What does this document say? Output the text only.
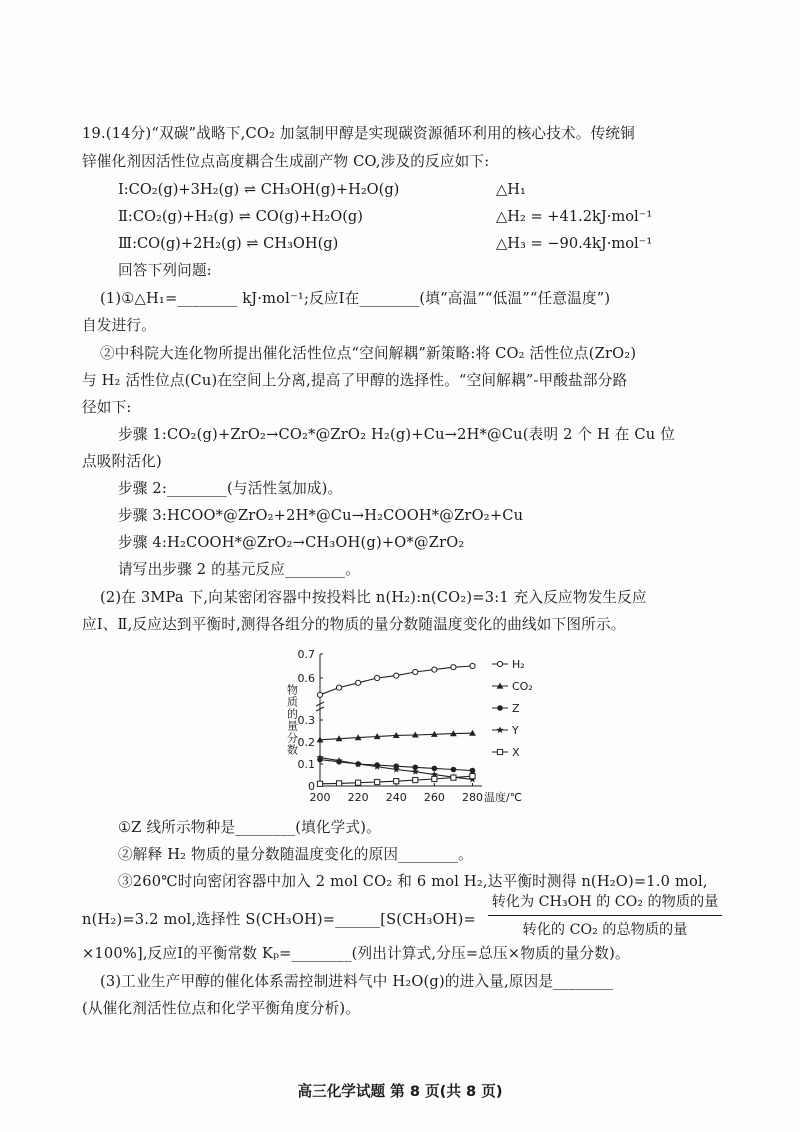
19.(14分)“双碳”战略下,CO₂ 加氢制甲醇是实现碳资源循环利用的核心技术。传统铜
锌催化剂因活性位点高度耦合生成副产物 CO,涉及的反应如下:
Ⅰ:CO₂(g)+3H₂(g) ⇌ CH₃OH(g)+H₂O(g)	△H₁
Ⅱ:CO₂(g)+H₂(g) ⇌ CO(g)+H₂O(g)	△H₂ = +41.2kJ·mol⁻¹
Ⅲ:CO(g)+2H₂(g) ⇌ CH₃OH(g)	△H₃ = −90.4kJ·mol⁻¹
回答下列问题:
(1)①△H₁=________ kJ·mol⁻¹;反应Ⅰ在________(填“高温”“低温”“任意温度”)
自发进行。
②中科院大连化物所提出催化活性位点“空间解耦”新策略:将 CO₂ 活性位点(ZrO₂)
与 H₂ 活性位点(Cu)在空间上分离,提高了甲醇的选择性。“空间解耦”-甲酸盐部分路
径如下:
步骤 1:CO₂(g)+ZrO₂→CO₂*@ZrO₂ H₂(g)+Cu→2H*@Cu(表明 2 个 H 在 Cu 位
点吸附活化)
步骤 2:________(与活性氢加成)。
步骤 3:HCOO*@ZrO₂+2H*@Cu→H₂COOH*@ZrO₂+Cu
步骤 4:H₂COOH*@ZrO₂→CH₃OH(g)+O*@ZrO₂
请写出步骤 2 的基元反应________。
(2)在 3MPa 下,向某密闭容器中按投料比 n(H₂):n(CO₂)=3:1 充入反应物发生反应
应Ⅰ、Ⅱ,反应达到平衡时,测得各组分的物质的量分数随温度变化的曲线如下图所示。
0
0.1
0.2
0.3
0.6
0.7
200 220 240 260 280 温度/℃
物质的量分数
H₂
CO₂
Z
Y
X
①Z 线所示物种是________(填化学式)。
②解释 H₂ 物质的量分数随温度变化的原因________。
③260℃时向密闭容器中加入 2 mol CO₂ 和 6 mol H₂,达平衡时测得 n(H₂O)=1.0 mol,
n(H₂)=3.2 mol,选择性 S(CH₃OH)=______[S(CH₃OH)=
转化为 CH₃OH 的 CO₂ 的物质的量
转化的 CO₂ 的总物质的量
×100%],反应Ⅰ的平衡常数 Kₚ=________(列出计算式,分压=总压×物质的量分数)。
(3)工业生产甲醇的催化体系需控制进料气中 H₂O(g)的进入量,原因是________
(从催化剂活性位点和化学平衡角度分析)。
高三化学试题 第 8 页(共 8 页)
